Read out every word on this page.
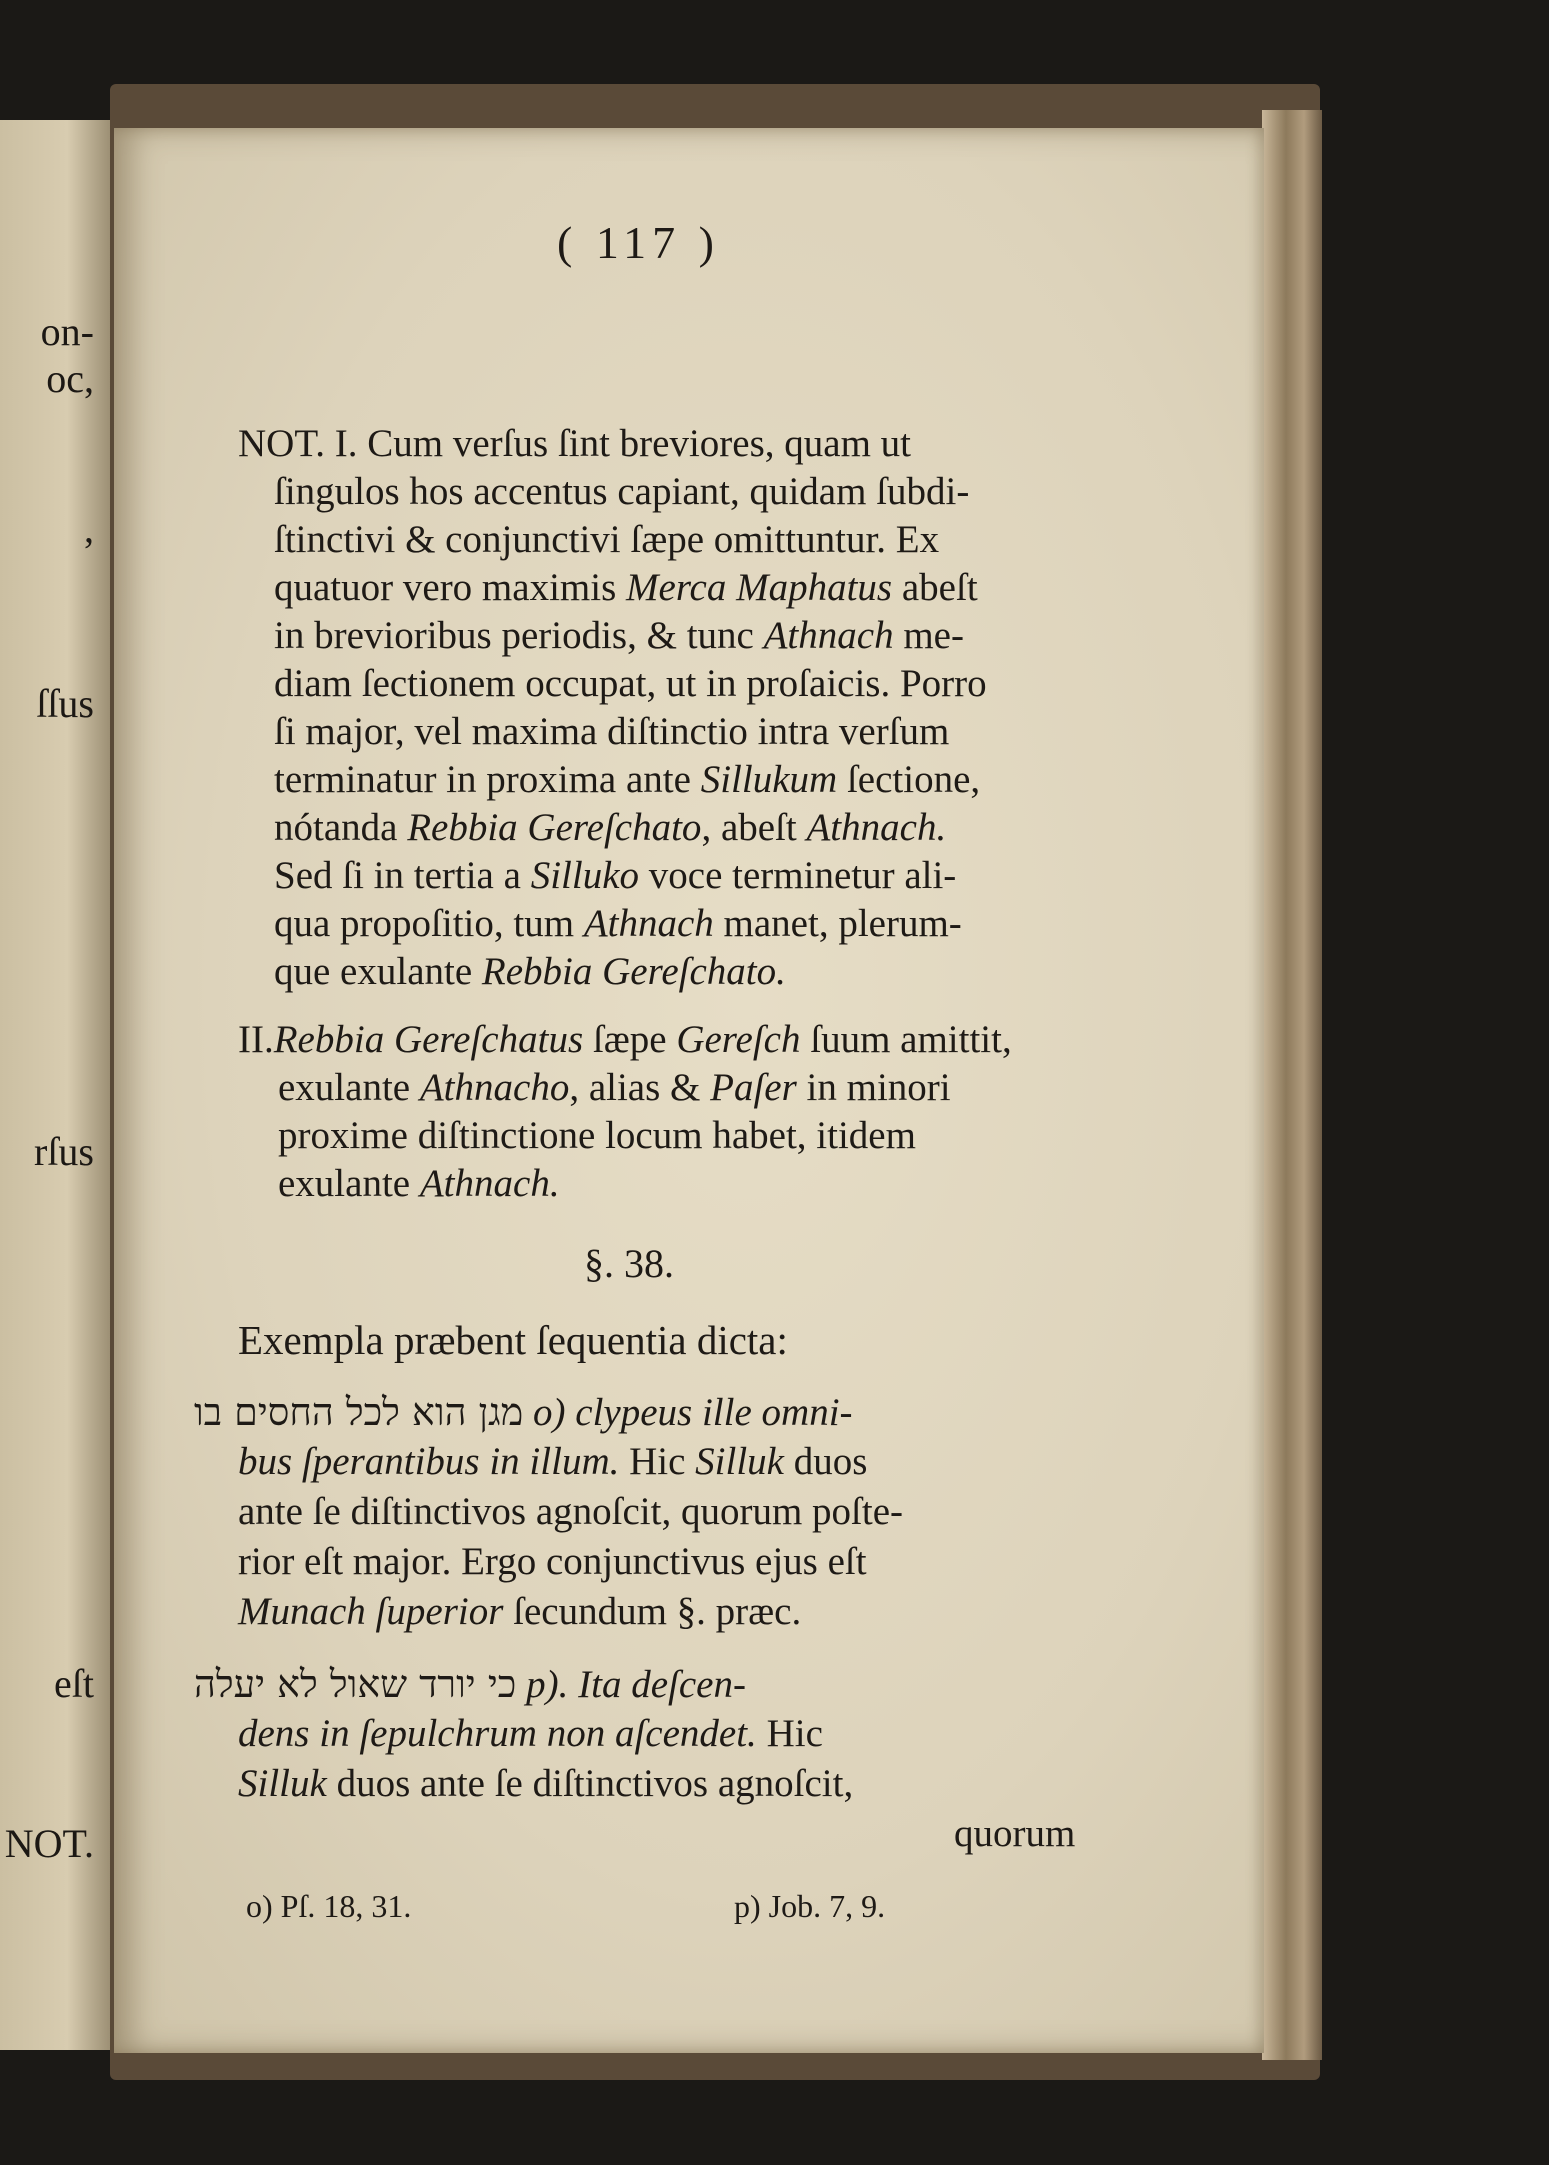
on-
oc,
,
ſſus
rſus
eſt
NOT.
( 117 )
NOT. I. Cum verſus ſint breviores, quam ut
ſingulos hos accentus capiant, quidam ſubdi-
ſtinctivi & conjunctivi ſæpe omittuntur. Ex
quatuor vero maximis Merca Maphatus abeſt
in brevioribus periodis, & tunc Athnach me-
diam ſectionem occupat, ut in proſaicis. Porro
ſi major, vel maxima diſtinctio intra verſum
terminatur in proxima ante Sillukum ſectione,
nótanda Rebbia Gereſchato, abeſt Athnach.
Sed ſi in tertia a Silluko voce terminetur ali-
qua propoſitio, tum Athnach manet, plerum-
que exulante Rebbia Gereſchato.
II.Rebbia Gereſchatus ſæpe Gereſch ſuum amittit,
exulante Athnacho, alias & Paſer in minori
proxime diſtinctione locum habet, itidem
exulante Athnach.
§. 38.
Exempla præbent ſequentia dicta:
מגן הוא לכל החסים בו o) clypeus ille omni-
bus ſperantibus in illum. Hic Silluk duos
ante ſe diſtinctivos agnoſcit, quorum poſte-
rior eſt major. Ergo conjunctivus ejus eſt
Munach ſuperior ſecundum §. præc.
כי יורד שאול לא יעלה p). Ita deſcen-
dens in ſepulchrum non aſcendet. Hic
Silluk duos ante ſe diſtinctivos agnoſcit,
quorum
o) Pſ. 18, 31.	p) Job. 7, 9.
